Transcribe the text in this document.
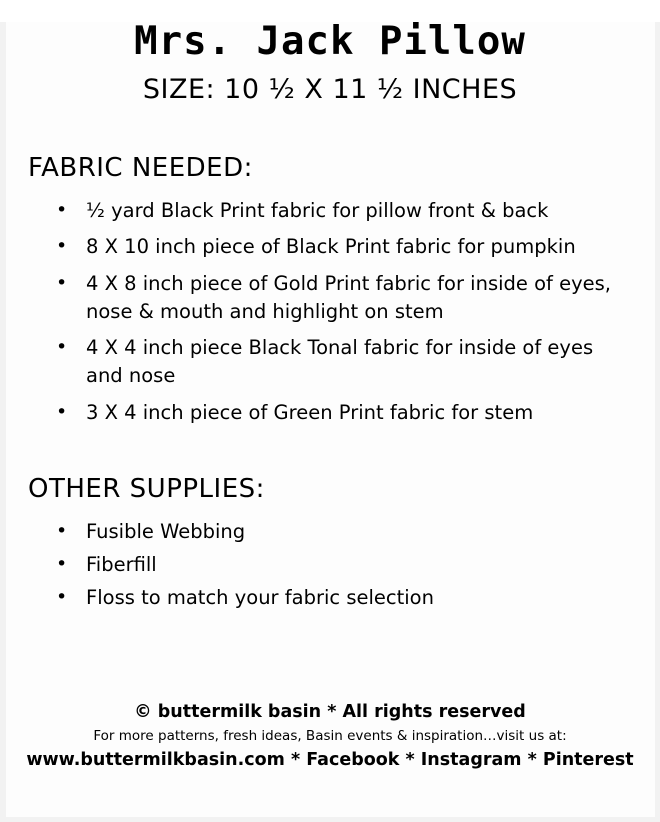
Mrs. Jack Pillow
SIZE: 10 ½ X 11 ½ INCHES
FABRIC NEEDED:
• ½ yard Black Print fabric for pillow front & back
• 8 X 10 inch piece of Black Print fabric for pumpkin
• 4 X 8 inch piece of Gold Print fabric for inside of eyes, nose & mouth and highlight on stem
• 4 X 4 inch piece Black Tonal fabric for inside of eyes and nose
• 3 X 4 inch piece of Green Print fabric for stem
OTHER SUPPLIES:
• Fusible Webbing
• Fiberfill
• Floss to match your fabric selection

© buttermilk basin * All rights reserved

For more patterns, fresh ideas, Basin events & inspiration…visit us at:

www.buttermilkbasin.com * Facebook * Instagram * Pinterest
